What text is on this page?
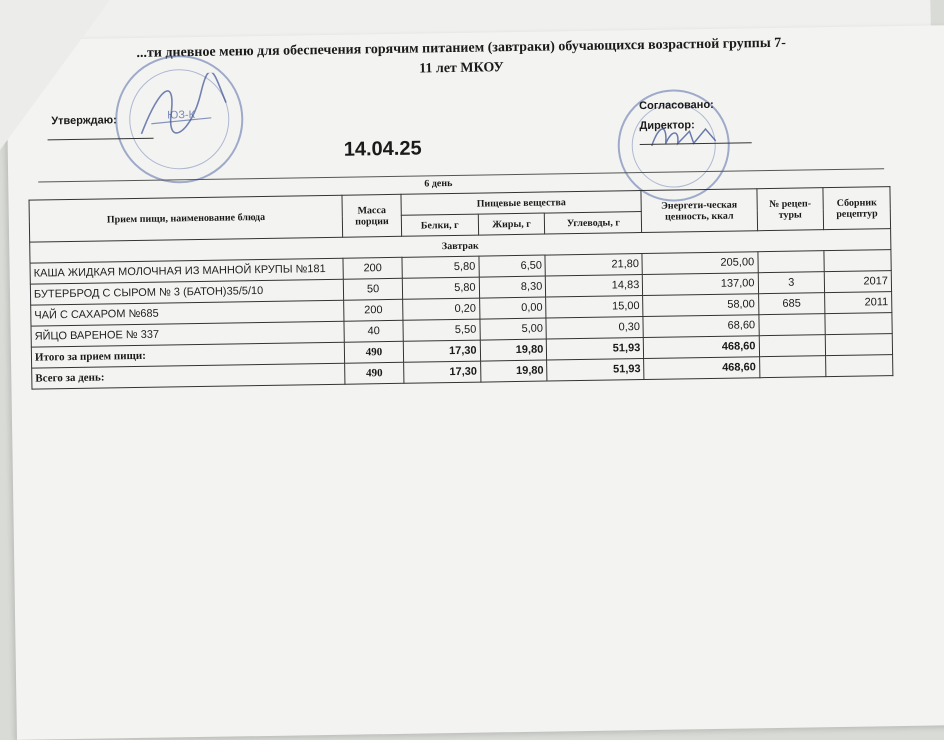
...ти дневное меню для обеспечения горячим питанием (завтраки) обучающихся возрастной группы 7-
11 лет МКОУ
ЮЗ-К
Утверждаю:
Согласовано:
Директор:
14.04.25
6 день
Прием пищи, наименование блюда	Масса порции	Пищевые вещества			Энергети-ческая ценность, ккал	№ рецеп-туры	Сборник рецептур
		Белки, г	Жиры, г	Углеводы, г			
Завтрак							
КАША ЖИДКАЯ МОЛОЧНАЯ ИЗ МАННОЙ КРУПЫ №181	200	5,80	6,50	21,80	205,00		
БУТЕРБРОД С СЫРОМ № 3 (БАТОН)35/5/10	50	5,80	8,30	14,83	137,00	3	2017
ЧАЙ С САХАРОМ №685	200	0,20	0,00	15,00	58,00	685	2011
ЯЙЦО ВАРЕНОЕ № 337	40	5,50	5,00	0,30	68,60		
Итого за прием пищи:	490	17,30	19,80	51,93	468,60		
Всего за день:	490	17,30	19,80	51,93	468,60		
